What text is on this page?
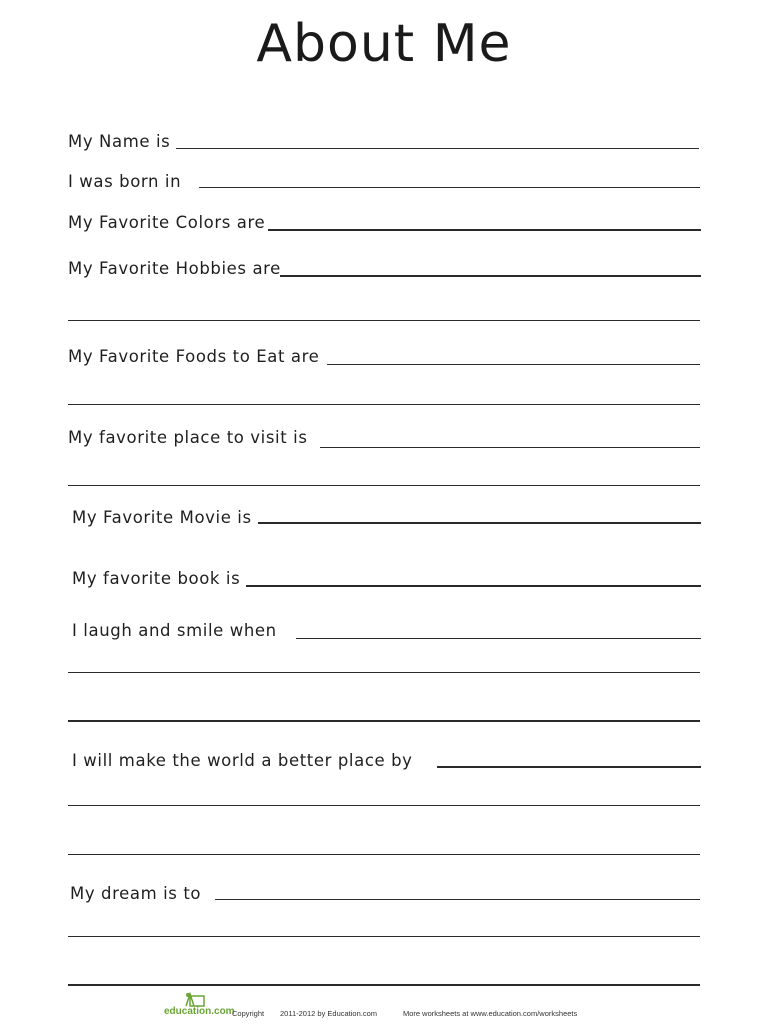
About Me
My Name is
I was born in
My Favorite Colors are
My Favorite Hobbies are
My Favorite Foods to Eat are
My favorite place to visit is
My Favorite Movie is
My favorite book is
I laugh and smile when
I will make the world a better place by
My dream is to
education.com
Copyright 2011-2012 by Education.com	More worksheets at www.education.com/worksheets
